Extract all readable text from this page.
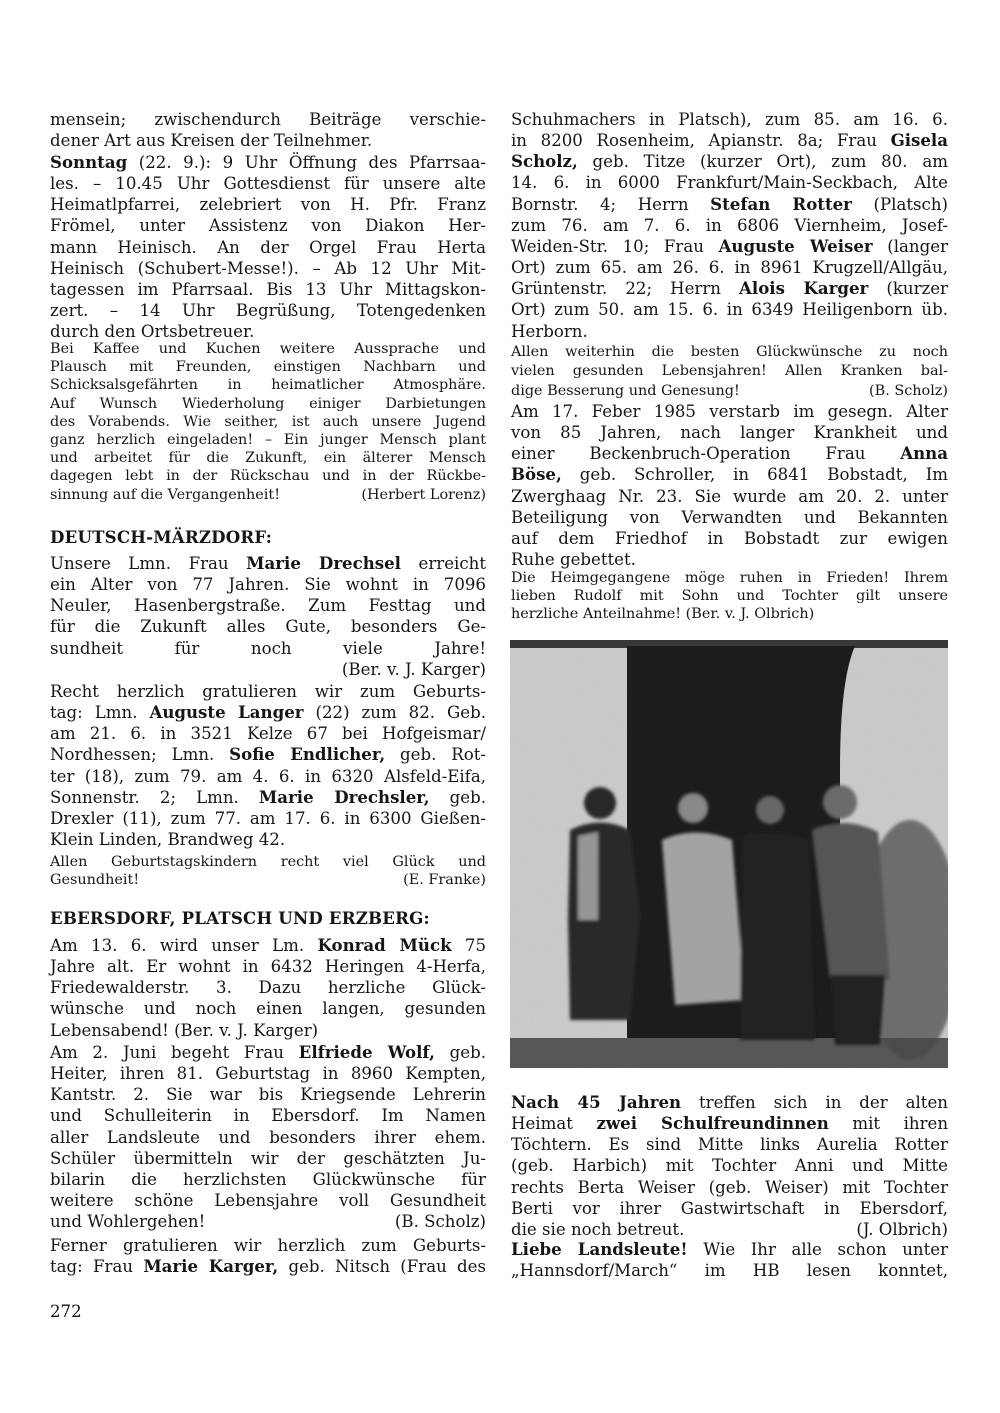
mensein; zwischendurch Beiträge verschie-
dener Art aus Kreisen der Teilnehmer.
Sonntag (22. 9.): 9 Uhr Öffnung des Pfarrsaa-
les. – 10.45 Uhr Gottesdienst für unsere alte
Heimatlpfarrei, zelebriert von H. Pfr. Franz
Frömel, unter Assistenz von Diakon Her-
mann Heinisch. An der Orgel Frau Herta
Heinisch (Schubert-Messe!). – Ab 12 Uhr Mit-
tagessen im Pfarrsaal. Bis 13 Uhr Mittagskon-
zert. – 14 Uhr Begrüßung, Totengedenken
durch den Ortsbetreuer.
Bei Kaffee und Kuchen weitere Aussprache und
Plausch mit Freunden, einstigen Nachbarn und
Schicksalsgefährten in heimatlicher Atmosphäre.
Auf Wunsch Wiederholung einiger Darbietungen
des Vorabends. Wie seither, ist auch unsere Jugend
ganz herzlich eingeladen! – Ein junger Mensch plant
und arbeitet für die Zukunft, ein älterer Mensch
dagegen lebt in der Rückschau und in der Rückbe-
sinnung auf die Vergangenheit!	(Herbert Lorenz)
DEUTSCH-MÄRZDORF:
Unsere Lmn. Frau Marie Drechsel erreicht
ein Alter von 77 Jahren. Sie wohnt in 7096
Neuler, Hasenbergstraße. Zum Festtag und
für die Zukunft alles Gute, besonders Ge-
sundheit für noch viele Jahre!
(Ber. v. J. Karger)
Recht herzlich gratulieren wir zum Geburts-
tag: Lmn. Auguste Langer (22) zum 82. Geb.
am 21. 6. in 3521 Kelze 67 bei Hofgeismar/
Nordhessen; Lmn. Sofie Endlicher, geb. Rot-
ter (18), zum 79. am 4. 6. in 6320 Alsfeld-Eifa,
Sonnenstr. 2; Lmn. Marie Drechsler, geb.
Drexler (11), zum 77. am 17. 6. in 6300 Gießen-
Klein Linden, Brandweg 42.
Allen Geburtstagskindern recht viel Glück und
Gesundheit!	(E. Franke)
EBERSDORF, PLATSCH UND ERZBERG:
Am 13. 6. wird unser Lm. Konrad Mück 75
Jahre alt. Er wohnt in 6432 Heringen 4-Herfa,
Friedewalderstr. 3. Dazu herzliche Glück-
wünsche und noch einen langen, gesunden
Lebensabend! (Ber. v. J. Karger)
Am 2. Juni begeht Frau Elfriede Wolf, geb.
Heiter, ihren 81. Geburtstag in 8960 Kempten,
Kantstr. 2. Sie war bis Kriegsende Lehrerin
und Schulleiterin in Ebersdorf. Im Namen
aller Landsleute und besonders ihrer ehem.
Schüler übermitteln wir der geschätzten Ju-
bilarin die herzlichsten Glückwünsche für
weitere schöne Lebensjahre voll Gesundheit
und Wohlergehen!	(B. Scholz)
Ferner gratulieren wir herzlich zum Geburts-
tag: Frau Marie Karger, geb. Nitsch (Frau des
Schuhmachers in Platsch), zum 85. am 16. 6.
in 8200 Rosenheim, Apianstr. 8a; Frau Gisela
Scholz, geb. Titze (kurzer Ort), zum 80. am
14. 6. in 6000 Frankfurt/Main-Seckbach, Alte
Bornstr. 4; Herrn Stefan Rotter (Platsch)
zum 76. am 7. 6. in 6806 Viernheim, Josef-
Weiden-Str. 10; Frau Auguste Weiser (langer
Ort) zum 65. am 26. 6. in 8961 Krugzell/Allgäu,
Grüntenstr. 22; Herrn Alois Karger (kurzer
Ort) zum 50. am 15. 6. in 6349 Heiligenborn üb.
Herborn.
Allen weiterhin die besten Glückwünsche zu noch
vielen gesunden Lebensjahren! Allen Kranken bal-
dige Besserung und Genesung!	(B. Scholz)
Am 17. Feber 1985 verstarb im gesegn. Alter
von 85 Jahren, nach langer Krankheit und
einer Beckenbruch-Operation Frau Anna
Böse, geb. Schroller, in 6841 Bobstadt, Im
Zwerghaag Nr. 23. Sie wurde am 20. 2. unter
Beteiligung von Verwandten und Bekannten
auf dem Friedhof in Bobstadt zur ewigen
Ruhe gebettet.
Die Heimgegangene möge ruhen in Frieden! Ihrem
lieben Rudolf mit Sohn und Tochter gilt unsere
herzliche Anteilnahme! (Ber. v. J. Olbrich)
Nach 45 Jahren treffen sich in der alten
Heimat zwei Schulfreundinnen mit ihren
Töchtern. Es sind Mitte links Aurelia Rotter
(geb. Harbich) mit Tochter Anni und Mitte
rechts Berta Weiser (geb. Weiser) mit Tochter
Berti vor ihrer Gastwirtschaft in Ebersdorf,
die sie noch betreut.	(J. Olbrich)
Liebe Landsleute! Wie Ihr alle schon unter
„Hannsdorf/March“ im HB lesen konntet,
272
